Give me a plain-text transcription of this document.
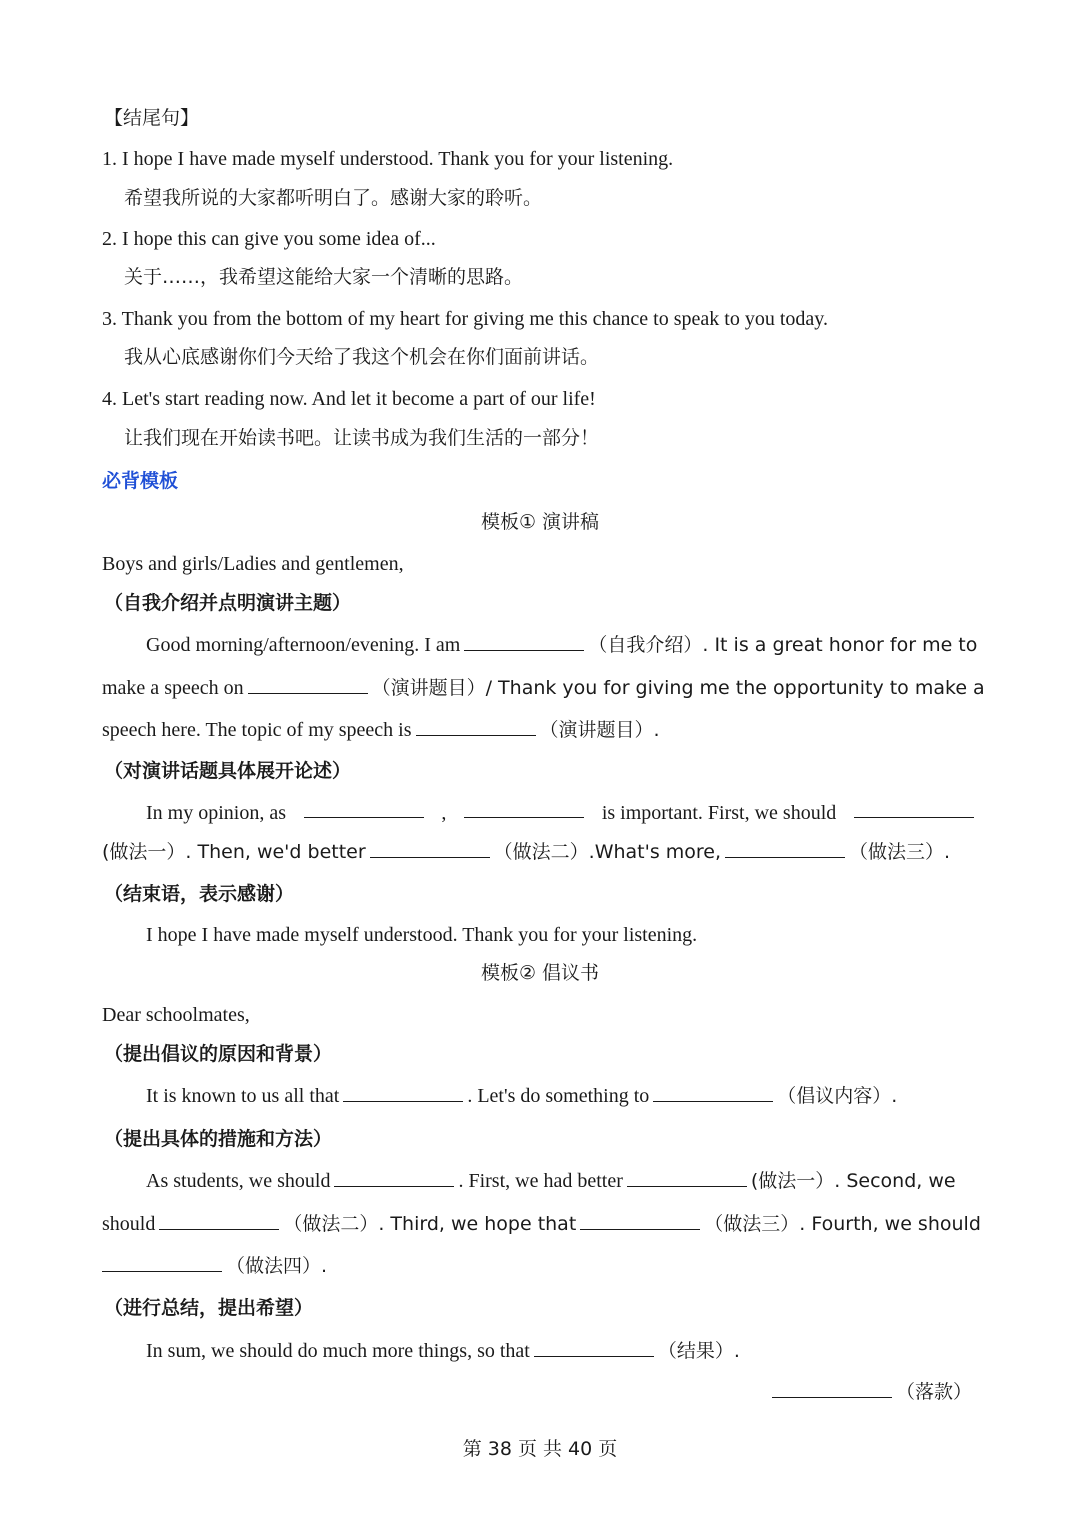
【结尾句】
1. I hope I have made myself understood. Thank you for your listening.
希望我所说的大家都听明白了。感谢大家的聆听。
2. I hope this can give you some idea of...
关于……，我希望这能给大家一个清晰的思路。
3. Thank you from the bottom of my heart for giving me this chance to speak to you today.
我从心底感谢你们今天给了我这个机会在你们面前讲话。
4. Let's start reading now. And let it become a part of our life!
让我们现在开始读书吧。让读书成为我们生活的一部分！
必背模板
模板① 演讲稿
Boys and girls/Ladies and gentlemen,
（自我介绍并点明演讲主题）
Good morning/afternoon/evening. I am	（自我介绍）. It is a great honor for me to
make a speech on	（演讲题目）/ Thank you for giving me the opportunity to make a
speech here. The topic of my speech is	（演讲题目）.
（对演讲话题具体展开论述）
In my opinion, as	,	is important. First, we should
(做法一）. Then, we'd better	（做法二）.What's more,	（做法三）.
（结束语，表示感谢）
I hope I have made myself understood. Thank you for your listening.
模板② 倡议书
Dear schoolmates,
（提出倡议的原因和背景）
It is known to us all that	. Let's do something to	（倡议内容）.
（提出具体的措施和方法）
As students, we should	. First, we had better	(做法一）. Second, we
should	（做法二）. Third, we hope that	（做法三）. Fourth, we should
（做法四）.
（进行总结，提出希望）
In sum, we should do much more things, so that	（结果）.
（落款）
第 38 页 共 40 页
